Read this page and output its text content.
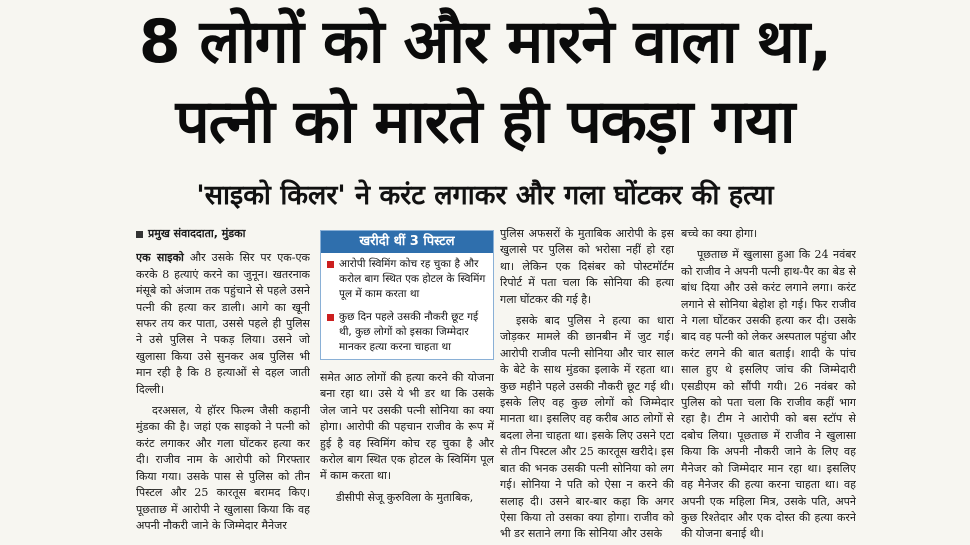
8 लोगों को और मारने वाला था,
पत्नी को मारते ही पकड़ा गया
'साइको किलर' ने करंट लगाकर और गला घोंटकर की हत्या
प्रमुख संवाददाता, मुंडका

एक साइको और उसके सिर पर एक-एक करके 8 हत्याएं करने का जुनून। खतरनाक मंसूबे को अंजाम तक पहुंचाने से पहले उसने पत्नी की हत्या कर डाली। आगे का खूनी सफर तय कर पाता, उससे पहले ही पुलिस ने उसे पुलिस ने पकड़ लिया। उसने जो खुलासा किया उसे सुनकर अब पुलिस भी मान रही है कि 8 हत्याओं से दहल जाती दिल्ली।

दरअसल, ये हॉरर फिल्म जैसी कहानी मुंडका की है। जहां एक साइको ने पत्नी को करंट लगाकर और गला घोंटकर हत्या कर दी। राजीव नाम के आरोपी को गिरफ्तार किया गया। उसके पास से पुलिस को तीन पिस्टल और 25 कारतूस बरामद किए। पूछताछ में आरोपी ने खुलासा किया कि वह अपनी नौकरी जाने के जिम्मेदार मैनेजर

खरीदी थीं 3 पिस्टल
आरोपी स्विमिंग कोच रह चुका है और करोल बाग स्थित एक होटल के स्विमिंग पूल में काम करता था
कुछ दिन पहले उसकी नौकरी छूट गई थी, कुछ लोगों को इसका जिम्मेदार मानकर हत्या करना चाहता था

समेत आठ लोगों की हत्या करने की योजना बना रहा था। उसे ये भी डर था कि उसके जेल जाने पर उसकी पत्नी सोनिया का क्या होगा। आरोपी की पहचान राजीव के रूप में हुई है वह स्विमिंग कोच रह चुका है और करोल बाग स्थित एक होटल के स्विमिंग पूल में काम करता था।

डीसीपी सेजू कुरुविला के मुताबिक,

पुलिस अफसरों के मुताबिक आरोपी के इस खुलासे पर पुलिस को भरोसा नहीं हो रहा था। लेकिन एक दिसंबर को पोस्टमॉर्टम रिपोर्ट में पता चला कि सोनिया की हत्या गला घोंटकर की गई है।

इसके बाद पुलिस ने हत्या का धारा जोड़कर मामले की छानबीन में जुट गई। आरोपी राजीव पत्नी सोनिया और चार साल के बेटे के साथ मुंडका इलाके में रहता था। कुछ महीने पहले उसकी नौकरी छूट गई थी। इसके लिए वह कुछ लोगों को जिम्मेदार मानता था। इसलिए वह करीब आठ लोगों से बदला लेना चाहता था। इसके लिए उसने एटा से तीन पिस्टल और 25 कारतूस खरीदे। इस बात की भनक उसकी पत्नी सोनिया को लग गई। सोनिया ने पति को ऐसा न करने की सलाह दी। उसने बार-बार कहा कि अगर ऐसा किया तो उसका क्या होगा। राजीव को भी डर सताने लगा कि सोनिया और उसके

बच्चे का क्या होगा।

पूछताछ में खुलासा हुआ कि 24 नवंबर को राजीव ने अपनी पत्नी हाथ-पैर का बेड से बांध दिया और उसे करंट लगाने लगा। करंट लगाने से सोनिया बेहोश हो गई। फिर राजीव ने गला घोंटकर उसकी हत्या कर दी। उसके बाद वह पत्नी को लेकर अस्पताल पहुंचा और करंट लगने की बात बताई। शादी के पांच साल हुए थे इसलिए जांच की जिम्मेदारी एसडीएम को सौंपी गयी। 26 नवंबर को पुलिस को पता चला कि राजीव कहीं भाग रहा है। टीम ने आरोपी को बस स्टॉप से दबोच लिया। पूछताछ में राजीव ने खुलासा किया कि अपनी नौकरी जाने के लिए वह मैनेजर को जिम्मेदार मान रहा था। इसलिए वह मैनेजर की हत्या करना चाहता था। वह अपनी एक महिला मित्र, उसके पति, अपने कुछ रिश्तेदार और एक दोस्त की हत्या करने की योजना बनाई थी।
